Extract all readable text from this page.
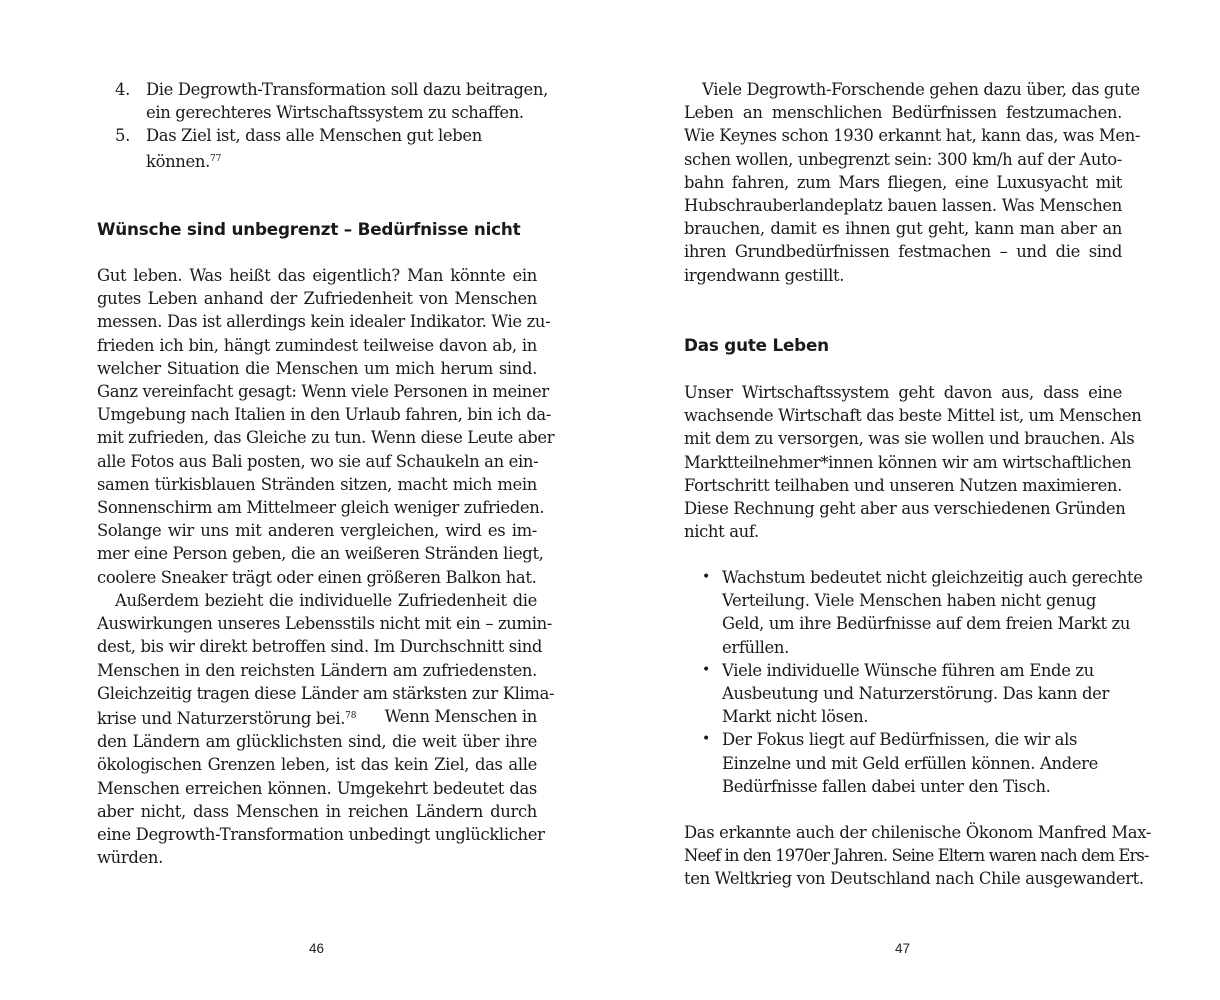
4. Die Degrowth-Transformation soll dazu beitragen,
ein gerechteres Wirtschaftssystem zu schaffen.
5. Das Ziel ist, dass alle Menschen gut leben
können.$^{77}$
Wünsche sind unbegrenzt – Bedürfnisse nicht
Gut leben. Was heißt das eigentlich? Man könnte ein
gutes Leben anhand der Zufriedenheit von Menschen
messen. Das ist allerdings kein idealer Indikator. Wie zu-
frieden ich bin, hängt zumindest teilweise davon ab, in
welcher Situation die Menschen um mich herum sind.
Ganz vereinfacht gesagt: Wenn viele Personen in meiner
Umgebung nach Italien in den Urlaub fahren, bin ich da-
mit zufrieden, das Gleiche zu tun. Wenn diese Leute aber
alle Fotos aus Bali posten, wo sie auf Schaukeln an ein-
samen türkisblauen Stränden sitzen, macht mich mein
Sonnenschirm am Mittelmeer gleich weniger zufrieden.
Solange wir uns mit anderen vergleichen, wird es im-
mer eine Person geben, die an weißeren Stränden liegt,
coolere Sneaker trägt oder einen größeren Balkon hat.
Außerdem bezieht die individuelle Zufriedenheit die
Auswirkungen unseres Lebensstils nicht mit ein – zumin-
dest, bis wir direkt betroffen sind. Im Durchschnitt sind
Menschen in den reichsten Ländern am zufriedensten.
Gleichzeitig tragen diese Länder am stärksten zur Klima-
krise und Naturzerstörung bei.$^{78}$ Wenn Menschen in
den Ländern am glücklichsten sind, die weit über ihre
ökologischen Grenzen leben, ist das kein Ziel, das alle
Menschen erreichen können. Umgekehrt bedeutet das
aber nicht, dass Menschen in reichen Ländern durch
eine Degrowth-Transformation unbedingt unglücklicher
würden.
46
Viele Degrowth-Forschende gehen dazu über, das gute
Leben an menschlichen Bedürfnissen festzumachen.
Wie Keynes schon 1930 erkannt hat, kann das, was Men-
schen wollen, unbegrenzt sein: 300 km/h auf der Auto-
bahn fahren, zum Mars fliegen, eine Luxusyacht mit
Hubschrauberlandeplatz bauen lassen. Was Menschen
brauchen, damit es ihnen gut geht, kann man aber an
ihren Grundbedürfnissen festmachen – und die sind
irgendwann gestillt.
Das gute Leben
Unser Wirtschaftssystem geht davon aus, dass eine
wachsende Wirtschaft das beste Mittel ist, um Menschen
mit dem zu versorgen, was sie wollen und brauchen. Als
Marktteilnehmer*innen können wir am wirtschaftlichen
Fortschritt teilhaben und unseren Nutzen maximieren.
Diese Rechnung geht aber aus verschiedenen Gründen
nicht auf.
• Wachstum bedeutet nicht gleichzeitig auch gerechte
Verteilung. Viele Menschen haben nicht genug
Geld, um ihre Bedürfnisse auf dem freien Markt zu
erfüllen.
• Viele individuelle Wünsche führen am Ende zu
Ausbeutung und Naturzerstörung. Das kann der
Markt nicht lösen.
• Der Fokus liegt auf Bedürfnissen, die wir als
Einzelne und mit Geld erfüllen können. Andere
Bedürfnisse fallen dabei unter den Tisch.
Das erkannte auch der chilenische Ökonom Manfred Max-
Neef in den 1970er Jahren. Seine Eltern waren nach dem Ers-
ten Weltkrieg von Deutschland nach Chile ausgewandert.
47
